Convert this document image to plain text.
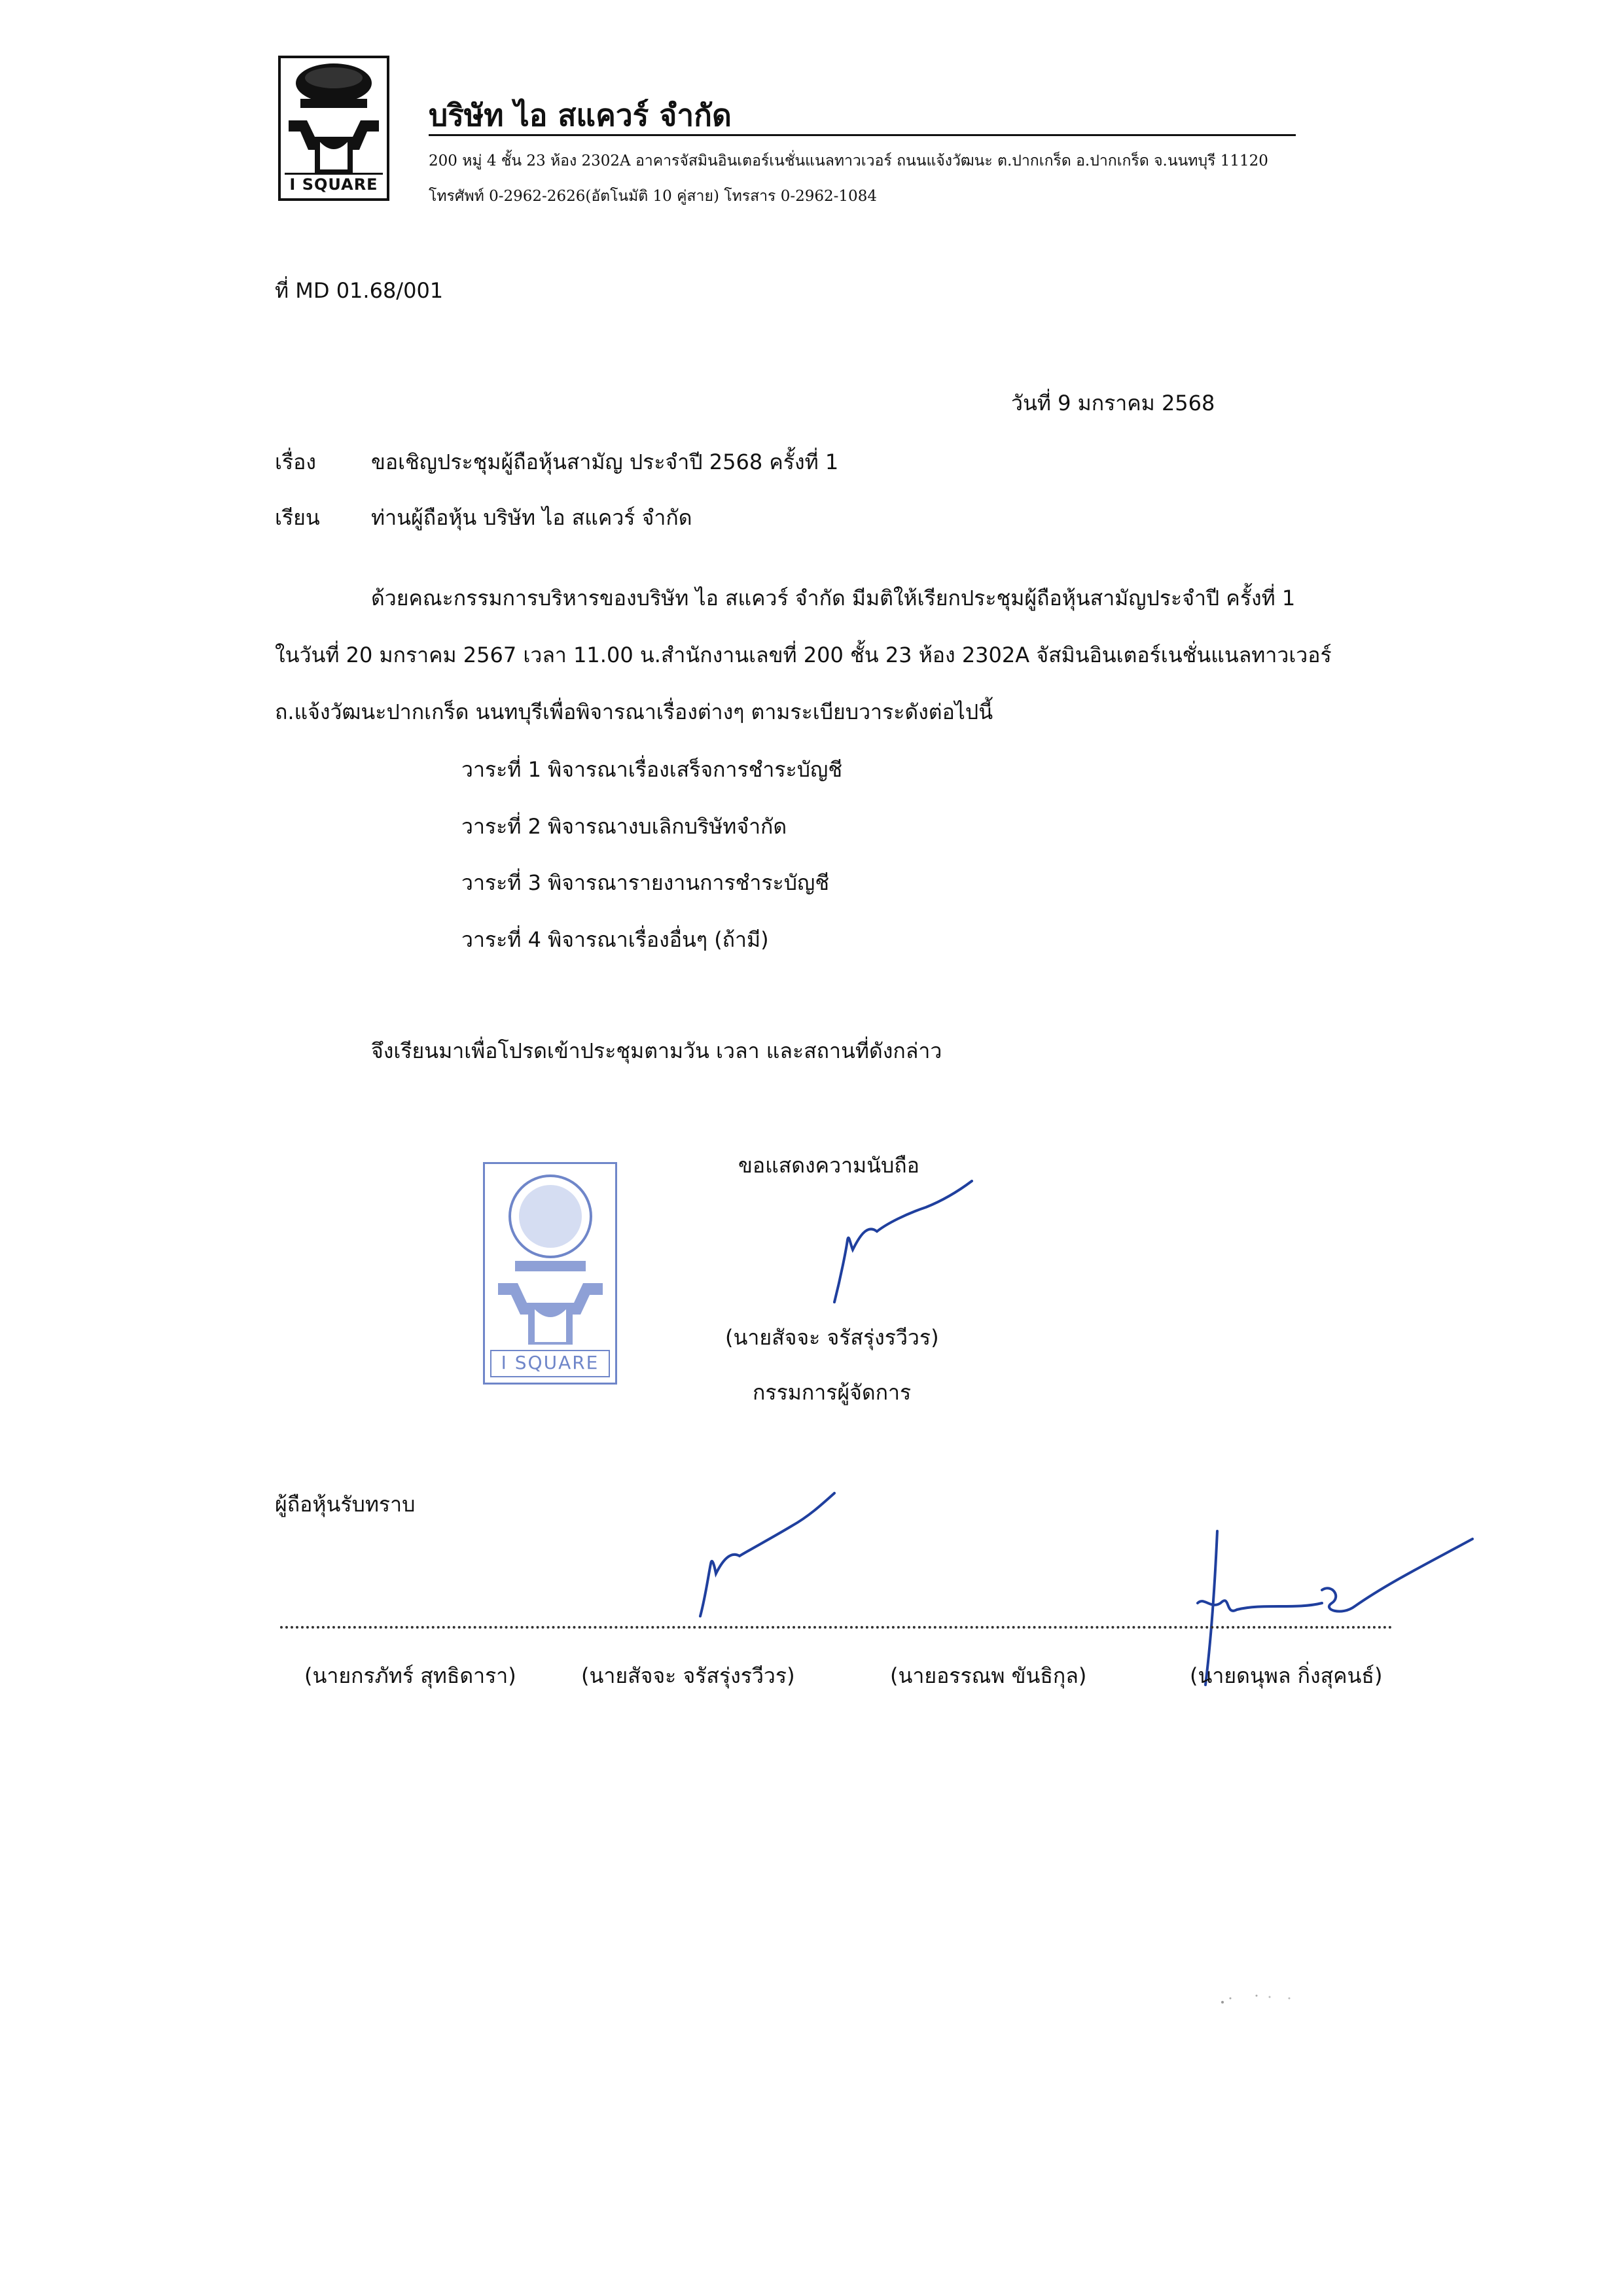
I SQUARE
บริษัท ไอ สแควร์ จำกัด
200 หมู่ 4 ชั้น 23 ห้อง 2302A อาคารจัสมินอินเตอร์เนชั่นแนลทาวเวอร์ ถนนแจ้งวัฒนะ ต.ปากเกร็ด อ.ปากเกร็ด จ.นนทบุรี 11120
โทรศัพท์ 0-2962-2626(อัตโนมัติ 10 คู่สาย) โทรสาร 0-2962-1084
ที่ MD 01.68/001
วันที่ 9 มกราคม 2568
เรื่อง	ขอเชิญประชุมผู้ถือหุ้นสามัญ ประจำปี 2568 ครั้งที่ 1
เรียน ท่านผู้ถือหุ้น บริษัท ไอ สแควร์ จำกัด
ด้วยคณะกรรมการบริหารของบริษัท ไอ สแควร์ จำกัด มีมติให้เรียกประชุมผู้ถือหุ้นสามัญประจำปี ครั้งที่ 1
ในวันที่ 20 มกราคม 2567 เวลา 11.00 น.สำนักงานเลขที่ 200 ชั้น 23 ห้อง 2302A จัสมินอินเตอร์เนชั่นแนลทาวเวอร์
ถ.แจ้งวัฒนะปากเกร็ด นนทบุรีเพื่อพิจารณาเรื่องต่างๆ ตามระเบียบวาระดังต่อไปนี้
วาระที่ 1 พิจารณาเรื่องเสร็จการชำระบัญชี
วาระที่ 2 พิจารณางบเลิกบริษัทจำกัด
วาระที่ 3 พิจารณารายงานการชำระบัญชี
วาระที่ 4 พิจารณาเรื่องอื่นๆ (ถ้ามี)
จึงเรียนมาเพื่อโปรดเข้าประชุมตามวัน เวลา และสถานที่ดังกล่าว
I SQUARE
ขอแสดงความนับถือ
(นายสัจจะ จรัสรุ่งรวีวร)
กรรมการผู้จัดการ
ผู้ถือหุ้นรับทราบ
(นายกรภัทร์ สุทธิดารา)	(นายสัจจะ จรัสรุ่งรวีวร)	(นายอรรณพ ขันธิกุล)	(นายดนุพล กิ่งสุคนธ์)
